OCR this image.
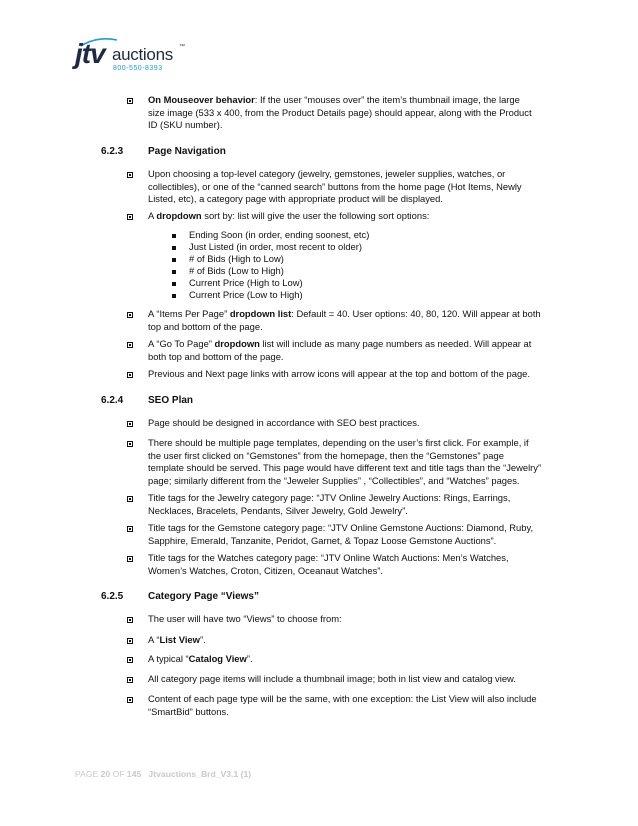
jtv auctions ™
800-550-8393
On Mouseover behavior: If the user “mouses over” the item’s thumbnail image, the large
size image (533 x 400, from the Product Details page) should appear, along with the Product
ID (SKU number).
6.2.3 Page Navigation
Upon choosing a top-level category (jewelry, gemstones, jeweler supplies, watches, or
collectibles), or one of the “canned search” buttons from the home page (Hot Items, Newly
Listed, etc), a category page with appropriate product will be displayed.
A dropdown sort by: list will give the user the following sort options:
Ending Soon (in order, ending soonest, etc)
Just Listed (in order, most recent to older)
# of Bids (High to Low)
# of Bids (Low to High)
Current Price (High to Low)
Current Price (Low to High)
A “Items Per Page” dropdown list: Default = 40. User options: 40, 80, 120. Will appear at both
top and bottom of the page.
A “Go To Page” dropdown list will include as many page numbers as needed. Will appear at
both top and bottom of the page.
Previous and Next page links with arrow icons will appear at the top and bottom of the page.
6.2.4 SEO Plan
Page should be designed in accordance with SEO best practices.
There should be multiple page templates, depending on the user’s first click. For example, if
the user first clicked on “Gemstones” from the homepage, then the “Gemstones” page
template should be served. This page would have different text and title tags than the “Jewelry”
page; similarly different from the “Jeweler Supplies” , “Collectibles”, and “Watches” pages.
Title tags for the Jewelry category page: “JTV Online Jewelry Auctions: Rings, Earrings,
Necklaces, Bracelets, Pendants, Silver Jewelry, Gold Jewelry”.
Title tags for the Gemstone category page: “JTV Online Gemstone Auctions: Diamond, Ruby,
Sapphire, Emerald, Tanzanite, Peridot, Garnet, & Topaz Loose Gemstone Auctions”.
Title tags for the Watches category page: “JTV Online Watch Auctions: Men’s Watches,
Women’s Watches, Croton, Citizen, Oceanaut Watches”.
6.2.5 Category Page “Views”
The user will have two “Views” to choose from:
A “List View”.
A typical “Catalog View”.
All category page items will include a thumbnail image; both in list view and catalog view.
Content of each page type will be the same, with one exception: the List View will also include
“SmartBid” buttons.
PAGE 20 OF 145   Jtvauctions_Brd_V3.1 (1)
